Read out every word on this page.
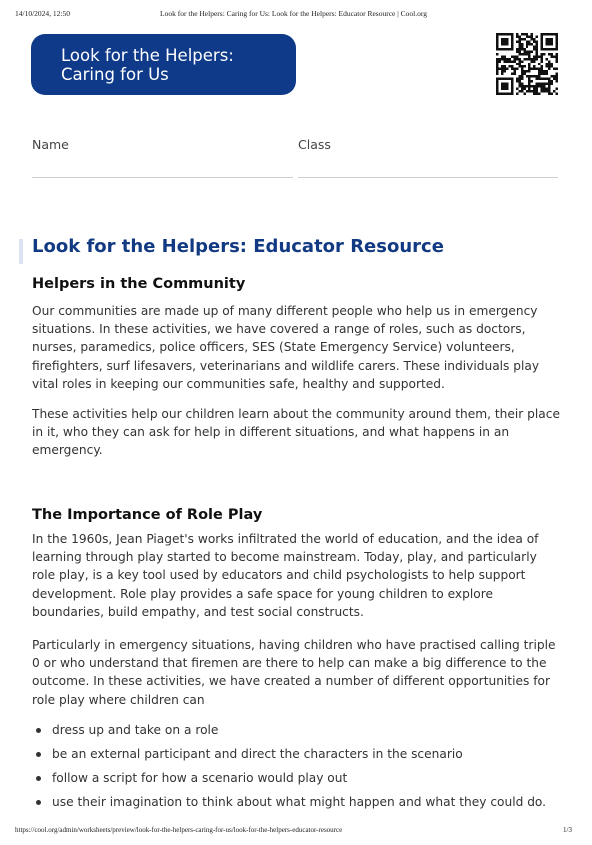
14/10/2024, 12:50	Look for the Helpers: Caring for Us: Look for the Helpers: Educator Resource | Cool.org
Look for the Helpers:
Caring for Us
Name	Class
Look for the Helpers: Educator Resource
Helpers in the Community

Our communities are made up of many different people who help us in emergency situations. In these activities, we have covered a range of roles, such as doctors, nurses, paramedics, police officers, SES (State Emergency Service) volunteers, firefighters, surf lifesavers, veterinarians and wildlife carers. These individuals play vital roles in keeping our communities safe, healthy and supported.

These activities help our children learn about the community around them, their place in it, who they can ask for help in different situations, and what happens in an emergency.

The Importance of Role Play

In the 1960s, Jean Piaget's works infiltrated the world of education, and the idea of learning through play started to become mainstream. Today, play, and particularly role play, is a key tool used by educators and child psychologists to help support development. Role play provides a safe space for young children to explore boundaries, build empathy, and test social constructs.

Particularly in emergency situations, having children who have practised calling triple 0 or who understand that firemen are there to help can make a big difference to the outcome. In these activities, we have created a number of different opportunities for role play where children can

dress up and take on a role
be an external participant and direct the characters in the scenario
follow a script for how a scenario would play out
use their imagination to think about what might happen and what they could do.
https://cool.org/admin/worksheets/preview/look-for-the-helpers-caring-for-us/look-for-the-helpers-educator-resource	1/3
